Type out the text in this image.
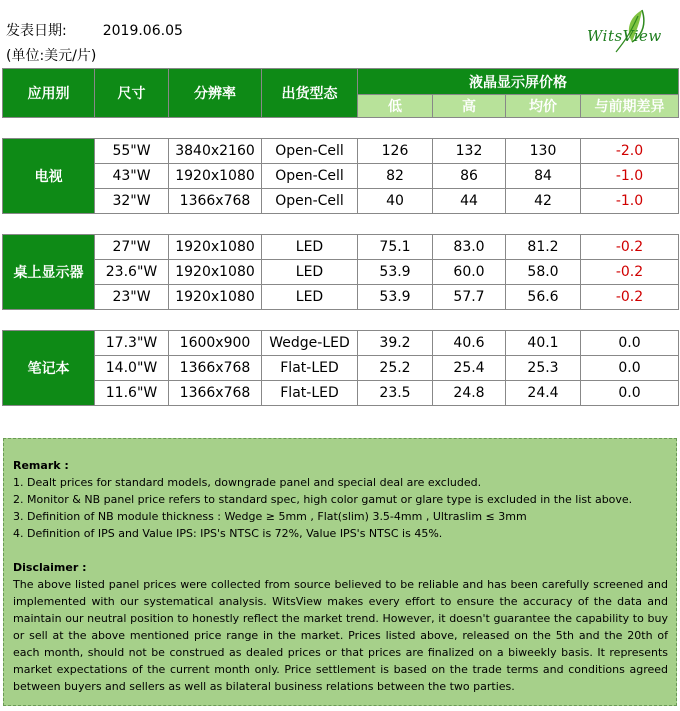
发表日期:	2019.06.05
(单位:美元/片)
WitsView
应用别	尺寸	分辨率	出货型态	液晶显示屏价格			
				低	高	均价	与前期差异

电视	55"W	3840x2160	Open-Cell	126	132	130	-2.0
	43"W	1920x1080	Open-Cell	82	86	84	-1.0
	32"W	1366x768	Open-Cell	40	44	42	-1.0

桌上显示器	27"W	1920x1080	LED	75.1	83.0	81.2	-0.2
	23.6"W	1920x1080	LED	53.9	60.0	58.0	-0.2
	23"W	1920x1080	LED	53.9	57.7	56.6	-0.2

笔记本	17.3"W	1600x900	Wedge-LED	39.2	40.6	40.1	0.0
	14.0"W	1366x768	Flat-LED	25.2	25.4	25.3	0.0
	11.6"W	1366x768	Flat-LED	23.5	24.8	24.4	0.0
Remark :
1. Dealt prices for standard models, downgrade panel and special deal are excluded.
2. Monitor & NB panel price refers to standard spec, high color gamut or glare type is excluded in the list above.
3. Definition of NB module thickness : Wedge ≥ 5mm , Flat(slim) 3.5-4mm , Ultraslim ≤ 3mm
4. Definition of IPS and Value IPS: IPS's NTSC is 72%, Value IPS's NTSC is 45%.
Disclaimer :
The above listed panel prices were collected from source believed to be reliable and has been carefully screened and implemented with our systematical analysis. WitsView makes every effort to ensure the accuracy of the data and maintain our neutral position to honestly reflect the market trend. However, it doesn't guarantee the capability to buy or sell at the above mentioned price range in the market. Prices listed above, released on the 5th and the 20th of each month, should not be construed as dealed prices or that prices are finalized on a biweekly basis. It represents market expectations of the current month only. Price settlement is based on the trade terms and conditions agreed between buyers and sellers as well as bilateral business relations between the two parties.
